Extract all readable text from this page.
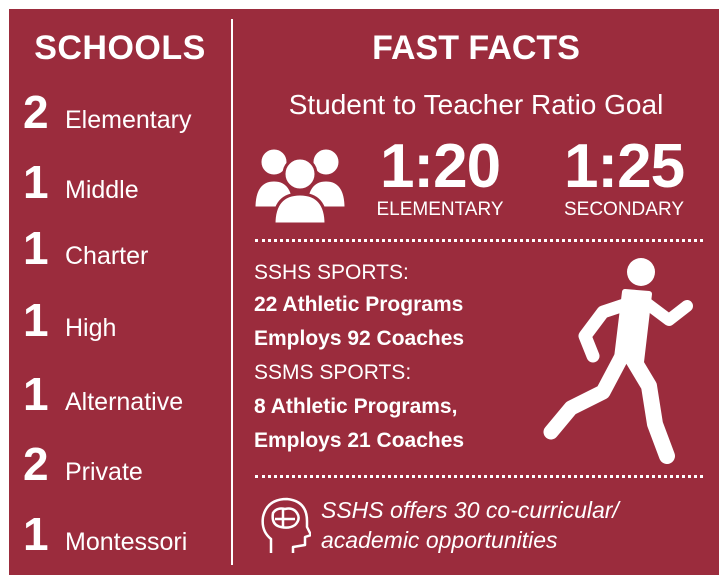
SCHOOLS
2 Elementary
1 Middle
1 Charter
1 High
1 Alternative
2 Private
1 Montessori
FAST FACTS
Student to Teacher Ratio Goal
1:20
ELEMENTARY
1:25
SECONDARY
SSHS SPORTS:
22 Athletic Programs
Employs 92 Coaches
SSMS SPORTS:
8 Athletic Programs,
Employs 21 Coaches
SSHS offers 30 co-curricular/
academic opportunities
